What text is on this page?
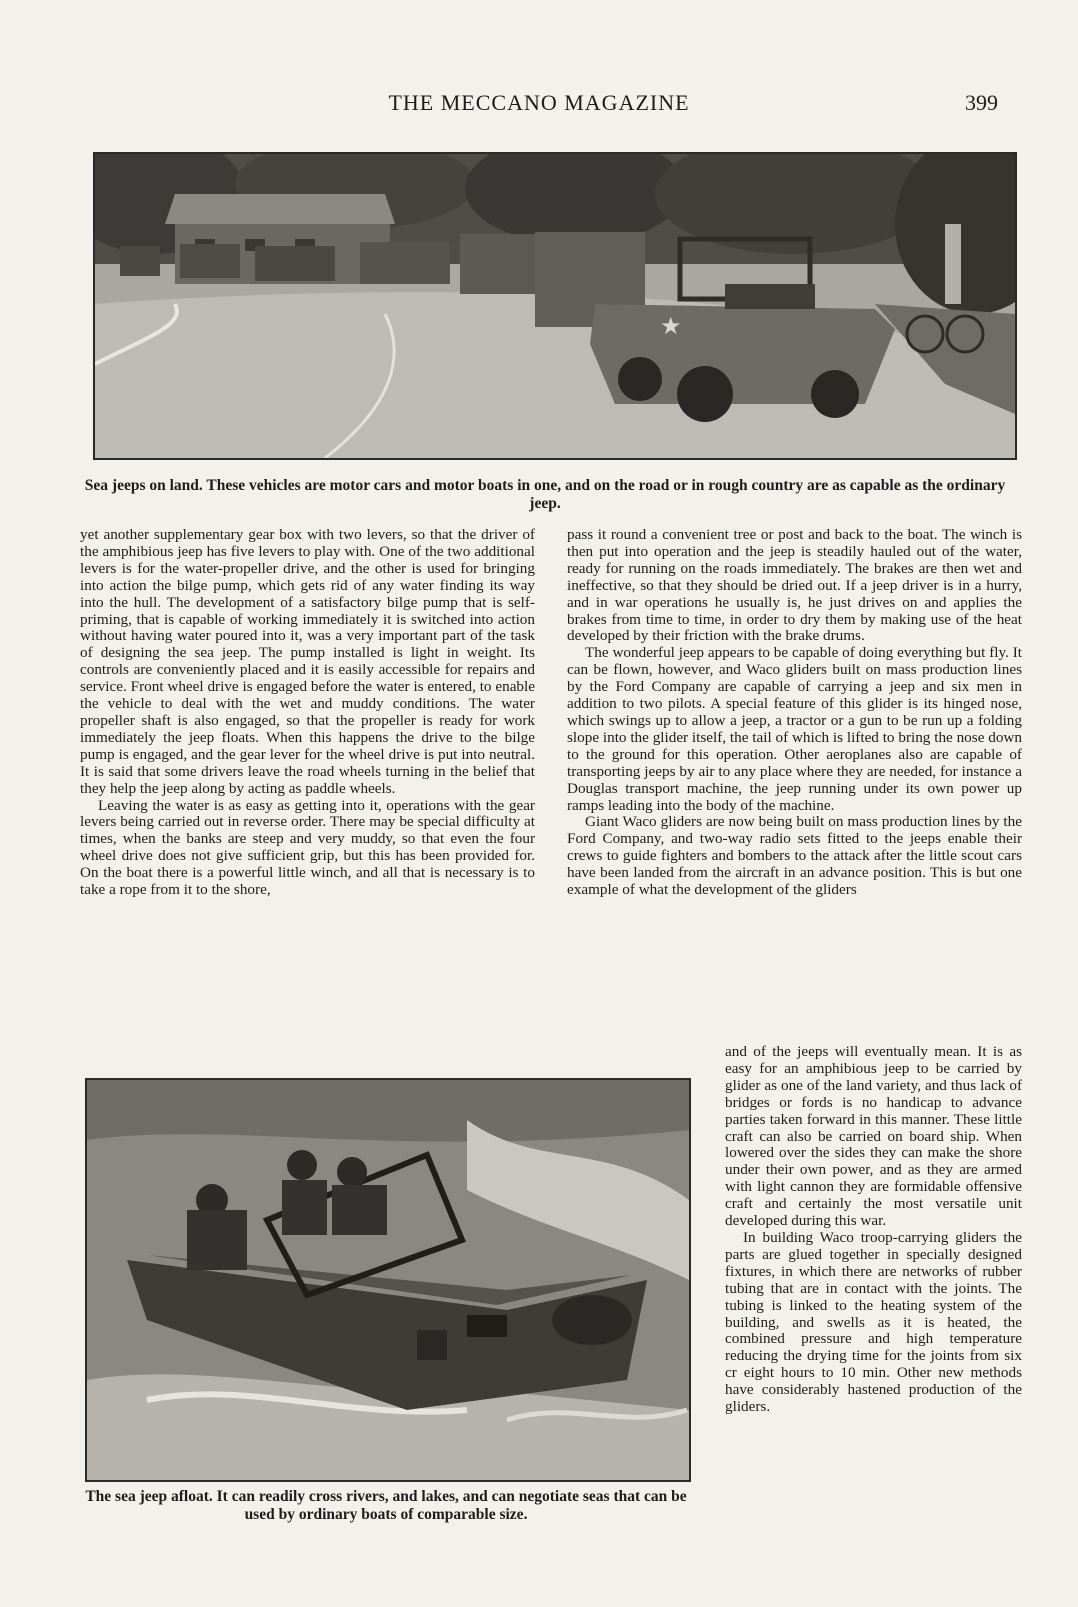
THE MECCANO MAGAZINE	399
★
Sea jeeps on land. These vehicles are motor cars and motor boats in one, and on the road or in rough country are as capable as the ordinary jeep.

yet another supplementary gear box with two levers, so that the driver of the amphibious jeep has five levers to play with. One of the two additional levers is for the water-propeller drive, and the other is used for bringing into action the bilge pump, which gets rid of any water finding its way into the hull. The development of a satisfactory bilge pump that is self-priming, that is capable of working immediately it is switched into action without having water poured into it, was a very important part of the task of designing the sea jeep. The pump installed is light in weight. Its controls are conveniently placed and it is easily accessible for repairs and service. Front wheel drive is engaged before the water is entered, to enable the vehicle to deal with the wet and muddy conditions. The water propeller shaft is also engaged, so that the propeller is ready for work immediately the jeep floats. When this happens the drive to the bilge pump is engaged, and the gear lever for the wheel drive is put into neutral. It is said that some drivers leave the road wheels turning in the belief that they help the jeep along by acting as paddle wheels.

Leaving the water is as easy as getting into it, operations with the gear levers being carried out in reverse order. There may be special difficulty at times, when the banks are steep and very muddy, so that even the four wheel drive does not give sufficient grip, but this has been provided for. On the boat there is a powerful little winch, and all that is necessary is to take a rope from it to the shore,

pass it round a convenient tree or post and back to the boat. The winch is then put into operation and the jeep is steadily hauled out of the water, ready for running on the roads immediately. The brakes are then wet and ineffective, so that they should be dried out. If a jeep driver is in a hurry, and in war operations he usually is, he just drives on and applies the brakes from time to time, in order to dry them by making use of the heat developed by their friction with the brake drums.

The wonderful jeep appears to be capable of doing everything but fly. It can be flown, however, and Waco gliders built on mass production lines by the Ford Company are capable of carrying a jeep and six men in addition to two pilots. A special feature of this glider is its hinged nose, which swings up to allow a jeep, a tractor or a gun to be run up a folding slope into the glider itself, the tail of which is lifted to bring the nose down to the ground for this operation. Other aeroplanes also are capable of transporting jeeps by air to any place where they are needed, for instance a Douglas transport machine, the jeep running under its own power up ramps leading into the body of the machine.

Giant Waco gliders are now being built on mass production lines by the Ford Company, and two-way radio sets fitted to the jeeps enable their crews to guide fighters and bombers to the attack after the little scout cars have been landed from the aircraft in an advance position. This is but one example of what the development of the gliders

The sea jeep afloat. It can readily cross rivers, and lakes, and can negotiate seas that can be used by ordinary boats of comparable size.

and of the jeeps will eventually mean. It is as easy for an amphibious jeep to be carried by glider as one of the land variety, and thus lack of bridges or fords is no handicap to advance parties taken forward in this manner. These little craft can also be carried on board ship. When lowered over the sides they can make the shore under their own power, and as they are armed with light cannon they are formidable offensive craft and certainly the most versatile unit developed during this war.

In building Waco troop-carrying gliders the parts are glued together in specially designed fixtures, in which there are networks of rubber tubing that are in contact with the joints. The tubing is linked to the heating system of the building, and swells as it is heated, the combined pressure and high temperature reducing the drying time for the joints from six cr eight hours to 10 min. Other new methods have considerably hastened production of the gliders.
